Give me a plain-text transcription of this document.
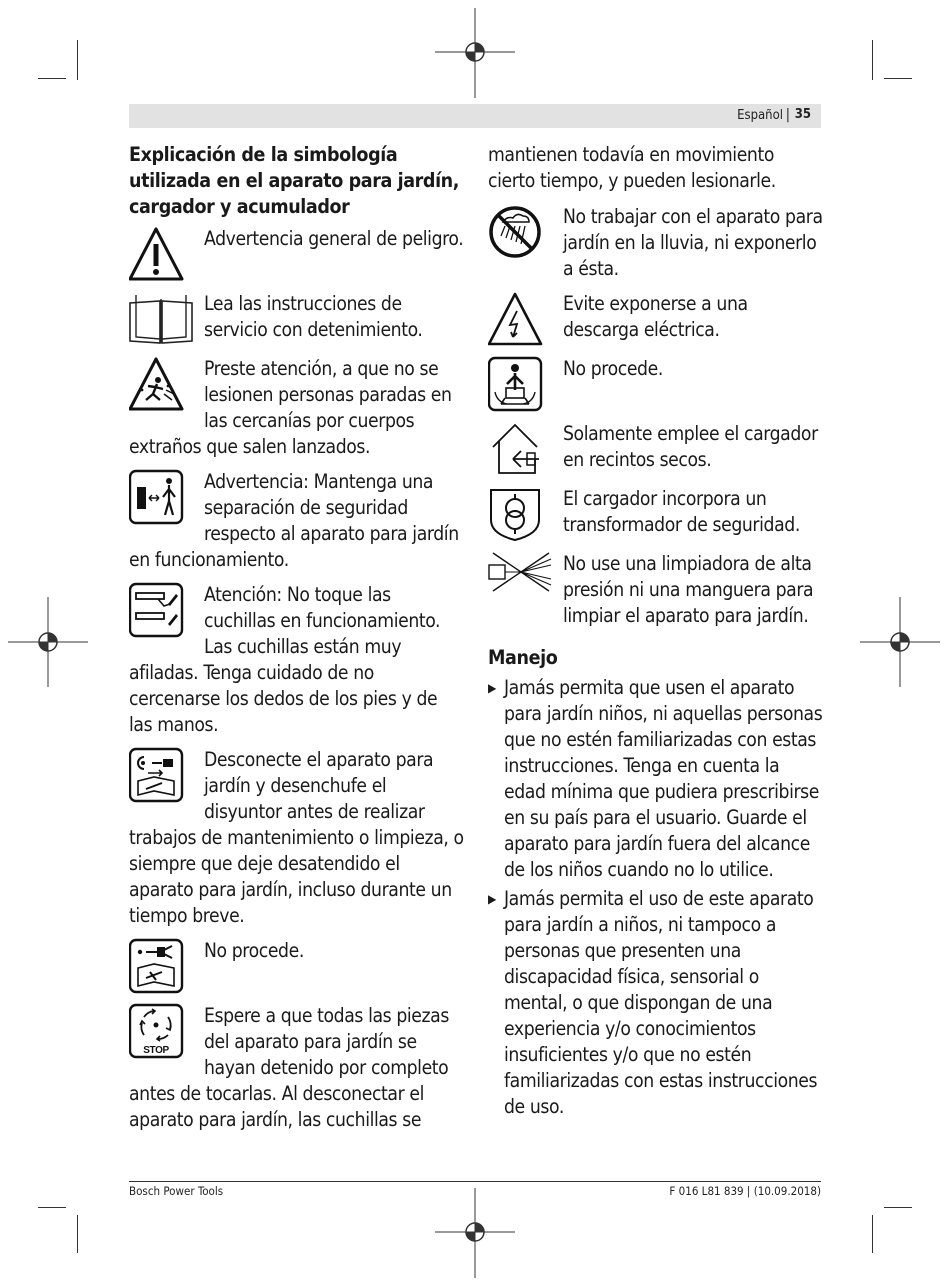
Español | 35
Explicación de la simbología utilizada en el aparato para jardín, cargador y acumulador

Advertencia general de peligro.

Lea las instrucciones de servicio con detenimiento.

Preste atención, a que no se lesionen personas paradas en las cercanías por cuerpos extraños que salen lanzados.

Advertencia: Mantenga una separación de seguridad respecto al aparato para jardín en funcionamiento.

Atención: No toque las cuchillas en funcionamiento. Las cuchillas están muy afiladas. Tenga cuidado de no cercenarse los dedos de los pies y de las manos.

Desconecte el aparato para jardín y desenchufe el disyuntor antes de realizar trabajos de mantenimiento o limpieza, o siempre que deje desatendido el aparato para jardín, incluso durante un tiempo breve.

No procede.

STOP

Espere a que todas las piezas del aparato para jardín se hayan detenido por completo antes de tocarlas. Al desconectar el aparato para jardín, las cuchillas se

mantienen todavía en movimiento cierto tiempo, y pueden lesionarle.

No trabajar con el aparato para jardín en la lluvia, ni exponerlo a ésta.

Evite exponerse a una descarga eléctrica.

No procede.

Solamente emplee el cargador en recintos secos.

El cargador incorpora un transformador de seguridad.

No use una limpiadora de alta presión ni una manguera para limpiar el aparato para jardín.

Manejo
▶ Jamás permita que usen el aparato para jardín niños, ni aquellas personas que no estén familiarizadas con estas instrucciones. Tenga en cuenta la edad mínima que pudiera prescribirse en su país para el usuario. Guarde el aparato para jardín fuera del alcance de los niños cuando no lo utilice.
▶ Jamás permita el uso de este aparato para jardín a niños, ni tampoco a personas que presenten una discapacidad física, sensorial o mental, o que dispongan de una experiencia y/o conocimientos insuficientes y/o que no estén familiarizadas con estas instrucciones de uso.
Bosch Power Tools	F 016 L81 839 | (10.09.2018)
